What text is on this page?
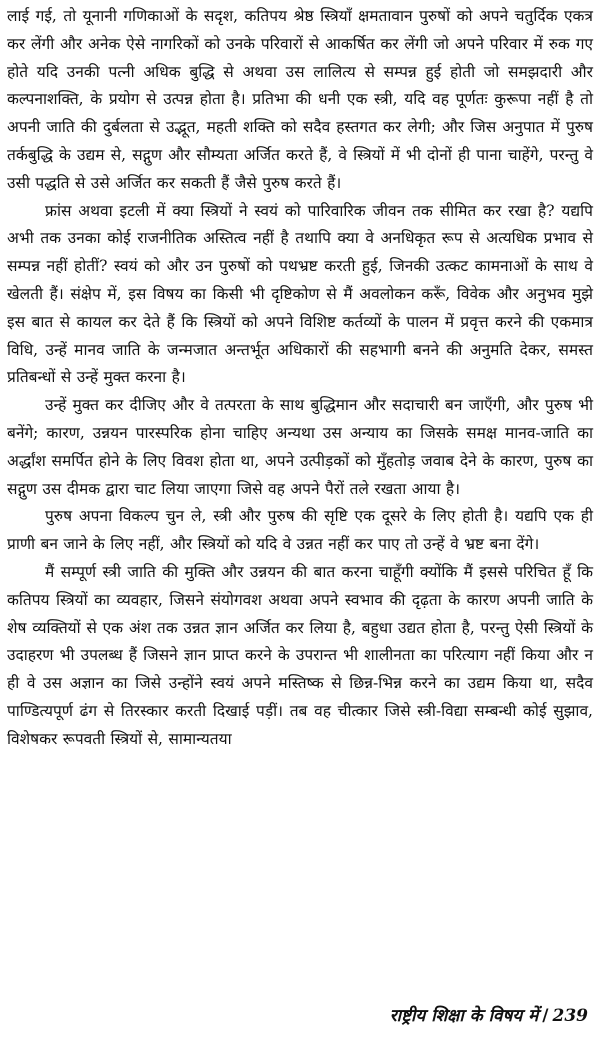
लाई गई, तो यूनानी गणिकाओं के सदृश, कतिपय श्रेष्ठ स्त्रियाँ क्षमतावान पुरुषों को अपने चतुर्दिक एकत्र कर लेंगी और अनेक ऐसे नागरिकों को उनके परिवारों से आकर्षित कर लेंगी जो अपने परिवार में रुक गए होते यदि उनकी पत्नी अधिक बुद्धि से अथवा उस लालित्य से सम्पन्न हुई होती जो समझदारी और कल्पनाशक्ति, के प्रयोग से उत्पन्न होता है। प्रतिभा की धनी एक स्त्री, यदि वह पूर्णतः कुरूपा नहीं है तो अपनी जाति की दुर्बलता से उद्भूत, महती शक्ति को सदैव हस्तगत कर लेगी; और जिस अनुपात में पुरुष तर्कबुद्धि के उद्यम से, सद्गुण और सौम्यता अर्जित करते हैं, वे स्त्रियों में भी दोनों ही पाना चाहेंगे, परन्तु वे उसी पद्धति से उसे अर्जित कर सकती हैं जैसे पुरुष करते हैं।

फ्रांस अथवा इटली में क्या स्त्रियों ने स्वयं को पारिवारिक जीवन तक सीमित कर रखा है? यद्यपि अभी तक उनका कोई राजनीतिक अस्तित्व नहीं है तथापि क्या वे अनधिकृत रूप से अत्यधिक प्रभाव से सम्पन्न नहीं होतीं? स्वयं को और उन पुरुषों को पथभ्रष्ट करती हुई, जिनकी उत्कट कामनाओं के साथ वे खेलती हैं। संक्षेप में, इस विषय का किसी भी दृष्टिकोण से मैं अवलोकन करूँ, विवेक और अनुभव मुझे इस बात से कायल कर देते हैं कि स्त्रियों को अपने विशिष्ट कर्तव्यों के पालन में प्रवृत्त करने की एकमात्र विधि, उन्हें मानव जाति के जन्मजात अन्तर्भूत अधिकारों की सहभागी बनने की अनुमति देकर, समस्त प्रतिबन्धों से उन्हें मुक्त करना है।

उन्हें मुक्त कर दीजिए और वे तत्परता के साथ बुद्धिमान और सदाचारी बन जाएँगी, और पुरुष भी बनेंगे; कारण, उन्नयन पारस्परिक होना चाहिए अन्यथा उस अन्याय का जिसके समक्ष मानव-जाति का अर्द्धांश समर्पित होने के लिए विवश होता था, अपने उत्पीड़कों को मुँहतोड़ जवाब देने के कारण, पुरुष का सद्गुण उस दीमक द्वारा चाट लिया जाएगा जिसे वह अपने पैरों तले रखता आया है।

पुरुष अपना विकल्प चुन ले, स्त्री और पुरुष की सृष्टि एक दूसरे के लिए होती है। यद्यपि एक ही प्राणी बन जाने के लिए नहीं, और स्त्रियों को यदि वे उन्नत नहीं कर पाए तो उन्हें वे भ्रष्ट बना देंगे।

मैं सम्पूर्ण स्त्री जाति की मुक्ति और उन्नयन की बात करना चाहूँगी क्योंकि मैं इससे परिचित हूँ कि कतिपय स्त्रियों का व्यवहार, जिसने संयोगवश अथवा अपने स्वभाव की दृढ़ता के कारण अपनी जाति के शेष व्यक्तियों से एक अंश तक उन्नत ज्ञान अर्जित कर लिया है, बहुधा उद्यत होता है, परन्तु ऐसी स्त्रियों के उदाहरण भी उपलब्ध हैं जिसने ज्ञान प्राप्त करने के उपरान्त भी शालीनता का परित्याग नहीं किया और न ही वे उस अज्ञान का जिसे उन्होंने स्वयं अपने मस्तिष्क से छिन्न-भिन्न करने का उद्यम किया था, सदैव पाण्डित्यपूर्ण ढंग से तिरस्कार करती दिखाई पड़ीं। तब वह चीत्कार जिसे स्त्री-विद्या सम्बन्धी कोई सुझाव, विशेषकर रूपवती स्त्रियों से, सामान्यतया

राष्ट्रीय शिक्षा के विषय में / 239
